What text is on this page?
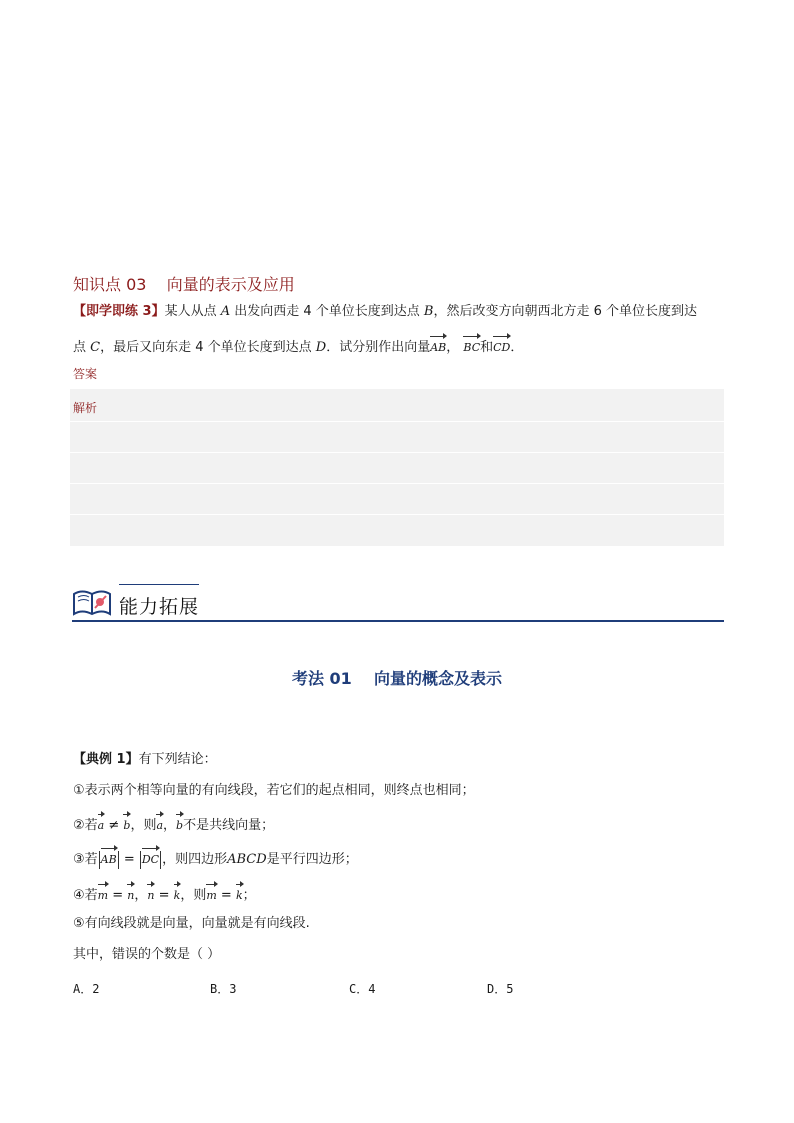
知识点 03    向量的表示及应用
【即学即练 3】某人从点 A 出发向西走 4 个单位长度到达点 B，然后改变方向朝西北方走 6 个单位长度到达
点 C，最后又向东走 4 个单位长度到达点 D．试分别作出向量AB， BC和CD．
答案
解析
能力拓展
考法 01    向量的概念及表示
【典例 1】有下列结论：
①表示两个相等向量的有向线段，若它们的起点相同，则终点也相同；
②若a ≠ b，则a，b不是共线向量；
③若 AB = DC ，则四边形ABCD是平行四边形；
④若m = n，n = k，则m = k；
⑤有向线段就是向量，向量就是有向线段.
其中，错误的个数是（ ）
A．2	B．3	C．4	D．5
